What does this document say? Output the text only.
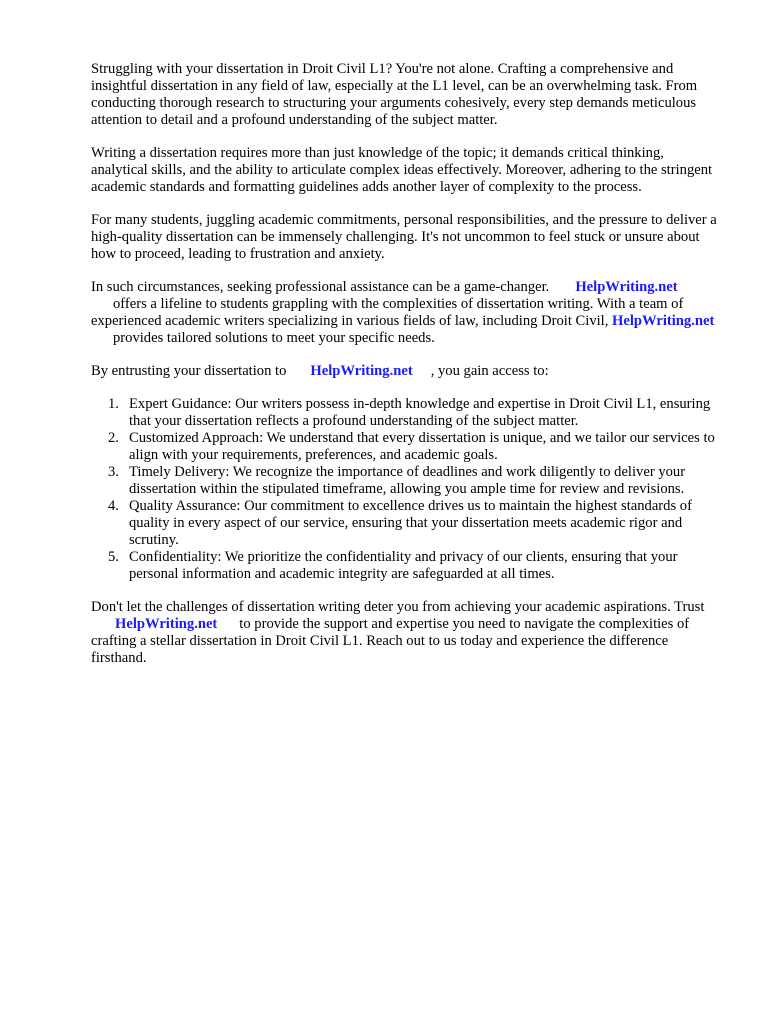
Struggling with your dissertation in Droit Civil L1? You're not alone. Crafting a comprehensive and insightful dissertation in any field of law, especially at the L1 level, can be an overwhelming task. From conducting thorough research to structuring your arguments cohesively, every step demands meticulous attention to detail and a profound understanding of the subject matter.

Writing a dissertation requires more than just knowledge of the topic; it demands critical thinking, analytical skills, and the ability to articulate complex ideas effectively. Moreover, adhering to the stringent academic standards and formatting guidelines adds another layer of complexity to the process.

For many students, juggling academic commitments, personal responsibilities, and the pressure to deliver a high-quality dissertation can be immensely challenging. It's not uncommon to feel stuck or unsure about how to proceed, leading to frustration and anxiety.

In such circumstances, seeking professional assistance can be a game-changer. HelpWriting.net
offers a lifeline to students grappling with the complexities of dissertation writing. With a team of experienced academic writers specializing in various fields of law, including Droit Civil, HelpWriting.netprovides tailored solutions to meet your specific needs.

By entrusting your dissertation to HelpWriting.net , you gain access to:

1. Expert Guidance: Our writers possess in-depth knowledge and expertise in Droit Civil L1, ensuring that your dissertation reflects a profound understanding of the subject matter.
2. Customized Approach: We understand that every dissertation is unique, and we tailor our services to align with your requirements, preferences, and academic goals.
3. Timely Delivery: We recognize the importance of deadlines and work diligently to deliver your dissertation within the stipulated timeframe, allowing you ample time for review and revisions.
4. Quality Assurance: Our commitment to excellence drives us to maintain the highest standards of quality in every aspect of our service, ensuring that your dissertation meets academic rigor and scrutiny.
5. Confidentiality: We prioritize the confidentiality and privacy of our clients, ensuring that your personal information and academic integrity are safeguarded at all times.

Don't let the challenges of dissertation writing deter you from achieving your academic aspirations. TrustHelpWriting.net to provide the support and expertise you need to navigate the complexities of crafting a stellar dissertation in Droit Civil L1. Reach out to us today and experience the difference firsthand.
